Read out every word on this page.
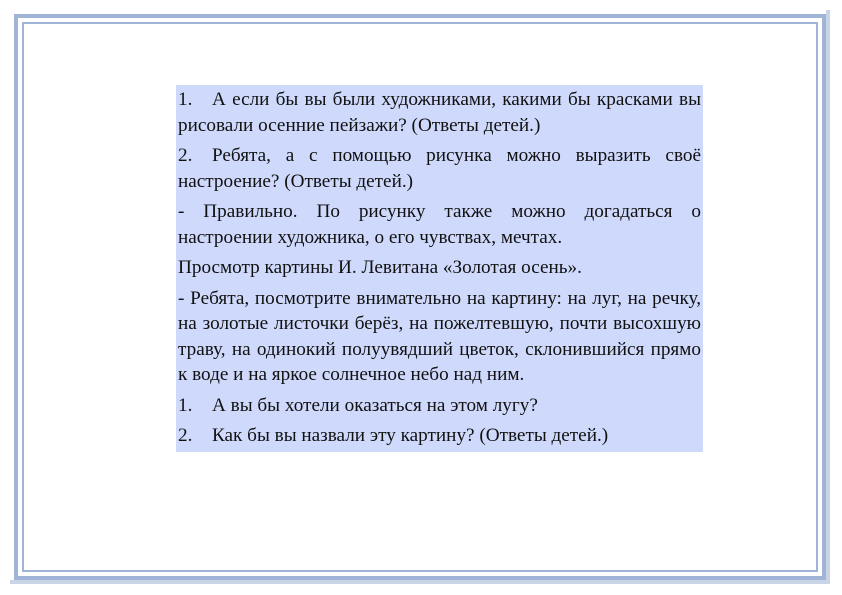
1. А если бы вы были художниками, какими бы красками вы рисовали осенние пейзажи? (Ответы детей.)

2. Ребята, а с помощью рисунка можно выразить своё настроение? (Ответы детей.)

- Правильно. По рисунку также можно догадаться о настроении художника, о его чувствах, мечтах.

Просмотр картины И. Левитана «Золотая осень».

- Ребята, посмотрите внимательно на картину: на луг, на речку, на золотые листочки берёз, на пожелтевшую, почти высохшую траву, на одинокий полуувядший цветок, склонившийся прямо к воде и на яркое солнечное небо над ним.

1. А вы бы хотели оказаться на этом лугу?

2. Как бы вы назвали эту картину? (Ответы детей.)
